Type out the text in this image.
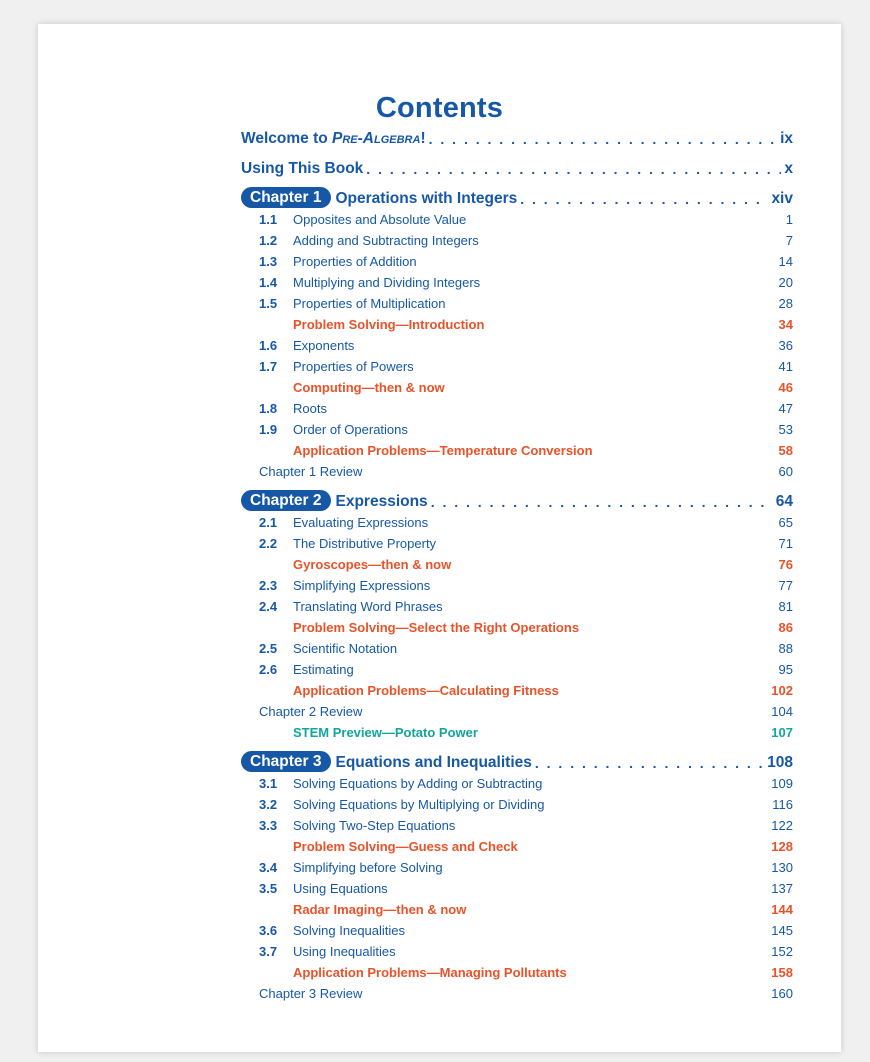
Contents
Welcome to Pre-Algebra! . . .	ix
Using This Book . . .	x
Chapter 1 Operations with Integers . . .	xiv
1.1 Opposites and Absolute Value	1
1.2 Adding and Subtracting Integers	7
1.3 Properties of Addition	14
1.4 Multiplying and Dividing Integers	20
1.5 Properties of Multiplication	28
Problem Solving—Introduction	34
1.6 Exponents	36
1.7 Properties of Powers	41
Computing—then & now	46
1.8 Roots	47
1.9 Order of Operations	53
Application Problems—Temperature Conversion	58
Chapter 1 Review	60
Chapter 2 Expressions . . .	64
2.1 Evaluating Expressions	65
2.2 The Distributive Property	71
Gyroscopes—then & now	76
2.3 Simplifying Expressions	77
2.4 Translating Word Phrases	81
Problem Solving—Select the Right Operations	86
2.5 Scientific Notation	88
2.6 Estimating	95
Application Problems—Calculating Fitness	102
Chapter 2 Review	104
STEM Preview—Potato Power	107
Chapter 3 Equations and Inequalities . . .	108
3.1 Solving Equations by Adding or Subtracting	109
3.2 Solving Equations by Multiplying or Dividing	116
3.3 Solving Two-Step Equations	122
Problem Solving—Guess and Check	128
3.4 Simplifying before Solving	130
3.5 Using Equations	137
Radar Imaging—then & now	144
3.6 Solving Inequalities	145
3.7 Using Inequalities	152
Application Problems—Managing Pollutants	158
Chapter 3 Review	160
